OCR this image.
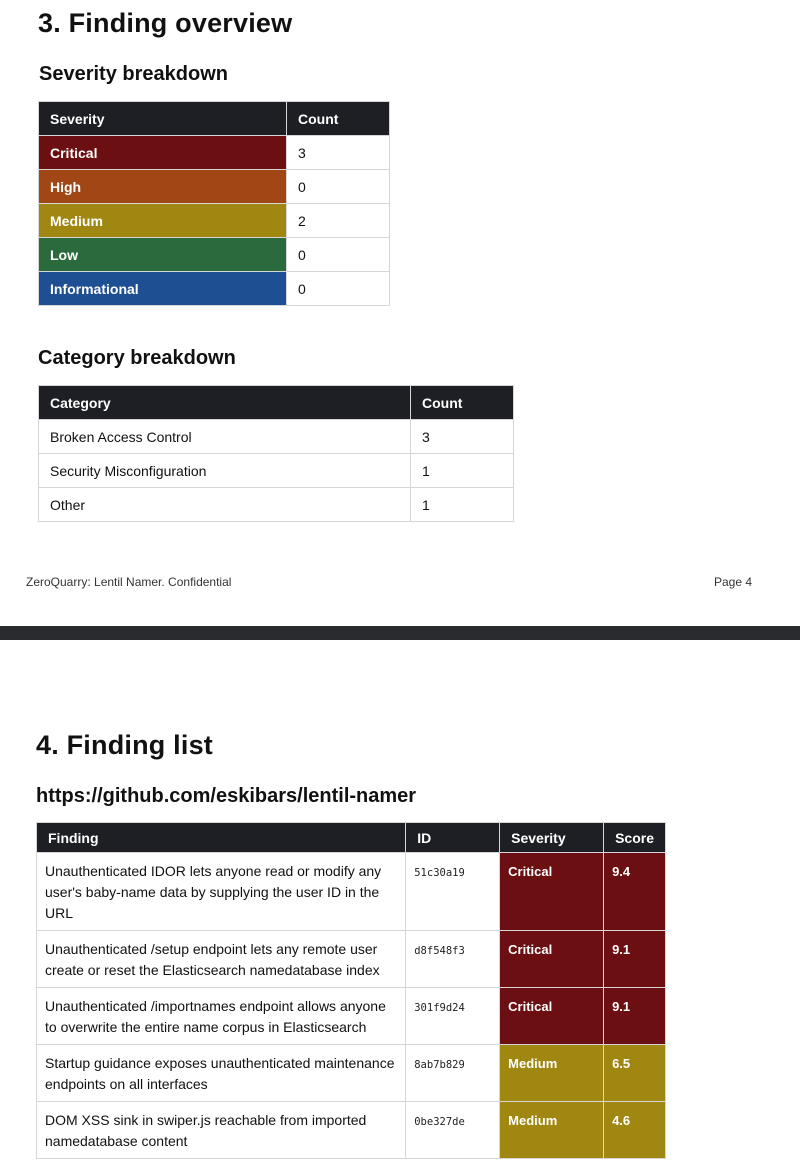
3. Finding overview
Severity breakdown
Severity	Count
Critical	3
High	0
Medium	2
Low	0
Informational	0
Category breakdown
Category	Count
Broken Access Control	3
Security Misconfiguration	1
Other	1
ZeroQuarry: Lentil Namer. Confidential	Page 4
4. Finding list
https://github.com/eskibars/lentil-namer
Finding	ID	Severity	Score
Unauthenticated IDOR lets anyone read or modify any user's baby-name data by supplying the user ID in the URL	51c30a19	Critical	9.4
Unauthenticated /setup endpoint lets any remote user create or reset the Elasticsearch namedatabase index	d8f548f3	Critical	9.1
Unauthenticated /importnames endpoint allows anyone to overwrite the entire name corpus in Elasticsearch	301f9d24	Critical	9.1
Startup guidance exposes unauthenticated maintenance endpoints on all interfaces	8ab7b829	Medium	6.5
DOM XSS sink in swiper.js reachable from imported namedatabase content	0be327de	Medium	4.6
